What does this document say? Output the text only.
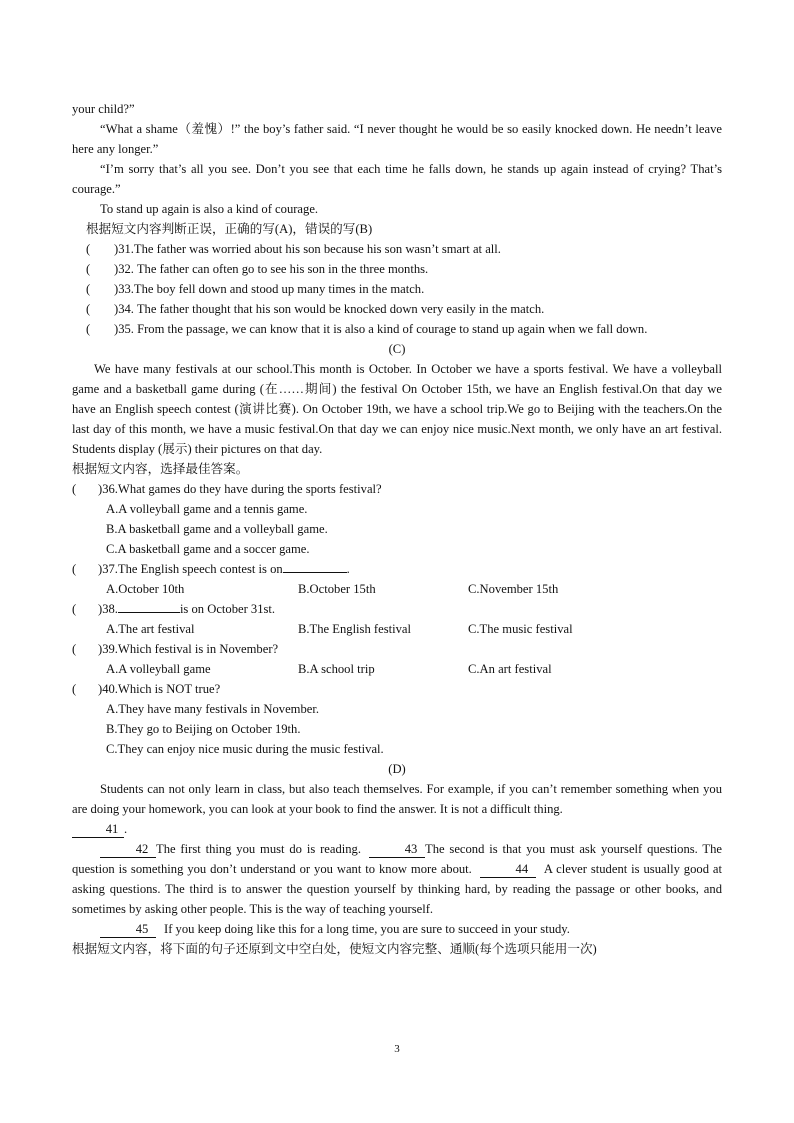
your child?”
“What a shame（羞愧）!” the boy’s father said. “I never thought he would be so easily knocked down. He needn’t leave here any longer.”
“I’m sorry that’s all you see. Don’t you see that each time he falls down, he stands up again instead of crying? That’s courage.”
To stand up again is also a kind of courage.
根据短文内容判断正误，正确的写(A)，错误的写(B)
(	)31.The father was worried about his son because his son wasn’t smart at all.
(	)32. The father can often go to see his son in the three months.
(	)33.The boy fell down and stood up many times in the match.
(	)34. The father thought that his son would be knocked down very easily in the match.
(	)35. From the passage, we can know that it is also a kind of courage to stand up again when we fall down.
(C)
We have many festivals at our school.This month is October. In October we have a sports festival. We have a volleyball game and a basketball game during (在……期间) the festival On October 15th, we have an English festival.On that day we have an English speech contest (演讲比赛). On October 19th, we have a school trip.We go to Beijing with the teachers.On the last day of this month, we have a music festival.On that day we can enjoy nice music.Next month, we only have an art festival. Students display (展示) their pictures on that day.
根据短文内容，选择最佳答案。
(	)36.What games do they have during the sports festival?
A.A volleyball game and a tennis game.
B.A basketball game and a volleyball game.
C.A basketball game and a soccer game.
(	)37.The English speech contest is on	.
A.October 10th	B.October 15th	C.November 15th
(	)38.	is on October 31st.
A.The art festival	B.The English festival	C.The music festival
(	)39.Which festival is in November?
A.A volleyball game	B.A school trip	C.An art festival
(	)40.Which is NOT true?
A.They have many festivals in November.
B.They go to Beijing on October 19th.
C.They can enjoy nice music during the music festival.
(D)
Students can not only learn in class, but also teach themselves. For example, if you can’t remember something when you are doing your homework, you can look at your book to find the answer. It is not a difficult thing.
41 .
42 The first thing you must do is reading.	43 The second is that you must ask yourself questions. The question is something you don’t understand or you want to know more about.	44 A clever student is usually good at asking questions. The third is to answer the question yourself by thinking hard, by reading the passage or other books, and sometimes by asking other people. This is the way of teaching yourself.
45 If you keep doing like this for a long time, you are sure to succeed in your study.
根据短文内容，将下面的句子还原到文中空白处，使短文内容完整、通顺(每个选项只能用一次)
3
